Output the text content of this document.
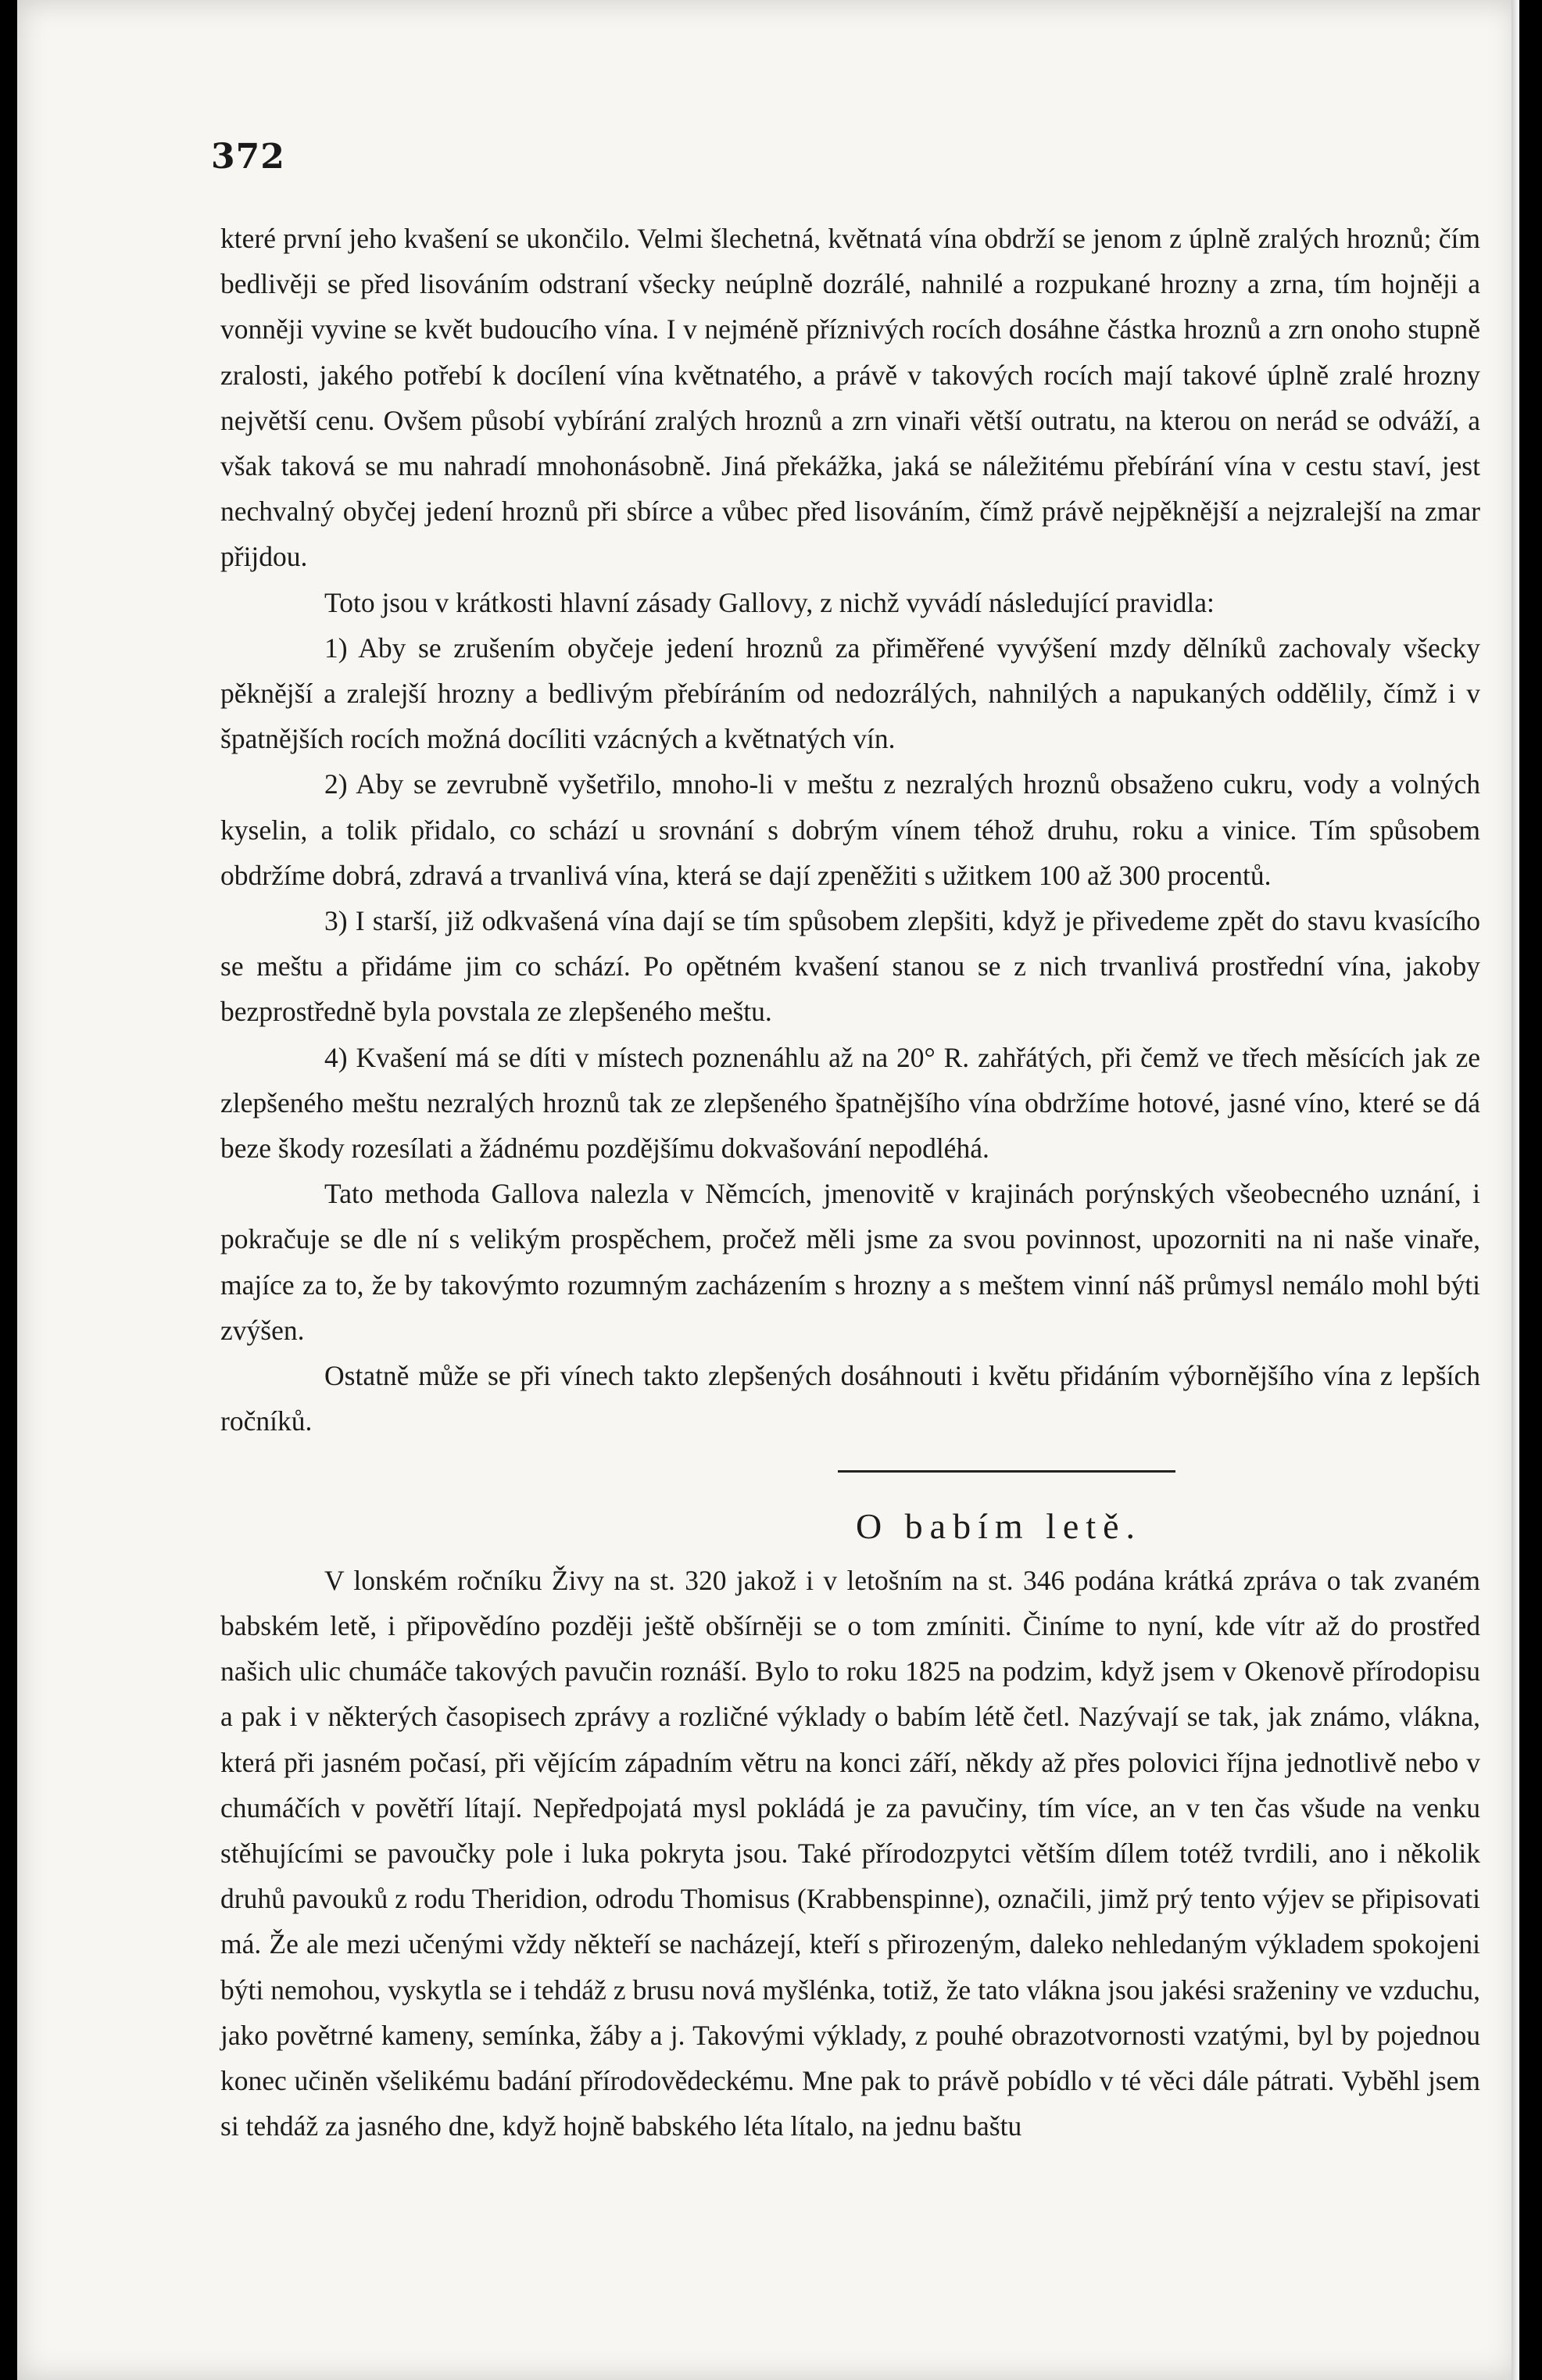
372

které první jeho kvašení se ukončilo. Velmi šlechetná, květnatá vína obdrží se jenom z úplně zralých hroznů; čím bedlivěji se před lisováním odstraní všecky neúplně dozrálé, nahnilé a rozpukané hrozny a zrna, tím hojněji a vonněji vyvine se květ budoucího vína. I v nejméně příznivých rocích dosáhne částka hroznů a zrn onoho stupně zralosti, jakého potřebí k docílení vína květnatého, a právě v takových rocích mají takové úplně zralé hrozny největší cenu. Ovšem působí vybírání zralých hroznů a zrn vinaři větší outratu, na kterou on nerád se odváží, a však taková se mu nahradí mnohonásobně. Jiná překážka, jaká se náležitému přebírání vína v cestu staví, jest nechvalný obyčej jedení hroznů při sbírce a vůbec před lisováním, čímž právě nejpěknější a nejzralejší na zmar přijdou.

Toto jsou v krátkosti hlavní zásady Gallovy, z nichž vyvádí následující pravidla:

1) Aby se zrušením obyčeje jedení hroznů za přiměřené vyvýšení mzdy dělníků zachovaly všecky pěknější a zralejší hrozny a bedlivým přebíráním od nedozrálých, nahnilých a napukaných oddělily, čímž i v špatnějších rocích možná docíliti vzácných a květnatých vín.

2) Aby se zevrubně vyšetřilo, mnoho-li v meštu z nezralých hroznů obsaženo cukru, vody a volných kyselin, a tolik přidalo, co schází u srovnání s dobrým vínem téhož druhu, roku a vinice. Tím spůsobem obdržíme dobrá, zdravá a trvanlivá vína, která se dají zpeněžiti s užitkem 100 až 300 procentů.

3) I starší, již odkvašená vína dají se tím spůsobem zlepšiti, když je přivedeme zpět do stavu kvasícího se meštu a přidáme jim co schází. Po opětném kvašení stanou se z nich trvanlivá prostřední vína, jakoby bezprostředně byla povstala ze zlepšeného meštu.

4) Kvašení má se díti v místech poznenáhlu až na 20° R. zahřátých, při čemž ve třech měsících jak ze zlepšeného meštu nezralých hroznů tak ze zlepšeného špatnějšího vína obdržíme hotové, jasné víno, které se dá beze škody rozesílati a žádnému pozdějšímu dokvašování nepodléhá.

Tato methoda Gallova nalezla v Němcích, jmenovitě v krajinách porýnských všeobecného uznání, i pokračuje se dle ní s velikým prospěchem, pročež měli jsme za svou povinnost, upozorniti na ni naše vinaře, majíce za to, že by takovýmto rozumným zacházením s hrozny a s meštem vinní náš průmysl nemálo mohl býti zvýšen.

Ostatně může se při vínech takto zlepšených dosáhnouti i květu přidáním výbornějšího vína z lepších ročníků.

O babím letě.

V lonském ročníku Živy na st. 320 jakož i v letošním na st. 346 podána krátká zpráva o tak zvaném babském letě, i připovědíno později ještě obšírněji se o tom zmíniti. Činíme to nyní, kde vítr až do prostřed našich ulic chumáče takových pavučin roznáší. Bylo to roku 1825 na podzim, když jsem v Okenově přírodopisu a pak i v některých časopisech zprávy a rozličné výklady o babím létě četl. Nazývají se tak, jak známo, vlákna, která při jasném počasí, při vějícím západním větru na konci září, někdy až přes polovici října jednotlivě nebo v chumáčích v povětří lítají. Nepředpojatá mysl pokládá je za pavučiny, tím více, an v ten čas všude na venku stěhujícími se pavoučky pole i luka pokryta jsou. Také přírodozpytci větším dílem totéž tvrdili, ano i několik druhů pavouků z rodu Theridion, odrodu Thomisus (Krabbenspinne), označili, jimž prý tento výjev se připisovati má. Že ale mezi učenými vždy někteří se nacházejí, kteří s přirozeným, daleko nehledaným výkladem spokojeni býti nemohou, vyskytla se i tehdáž z brusu nová myšlénka, totiž, že tato vlákna jsou jakési sraženiny ve vzduchu, jako povětrné kameny, semínka, žáby a j. Takovými výklady, z pouhé obrazotvornosti vzatými, byl by pojednou konec učiněn všelikému badání přírodovědeckému. Mne pak to právě pobídlo v té věci dále pátrati. Vyběhl jsem si tehdáž za jasného dne, když hojně babského léta lítalo, na jednu baštu
